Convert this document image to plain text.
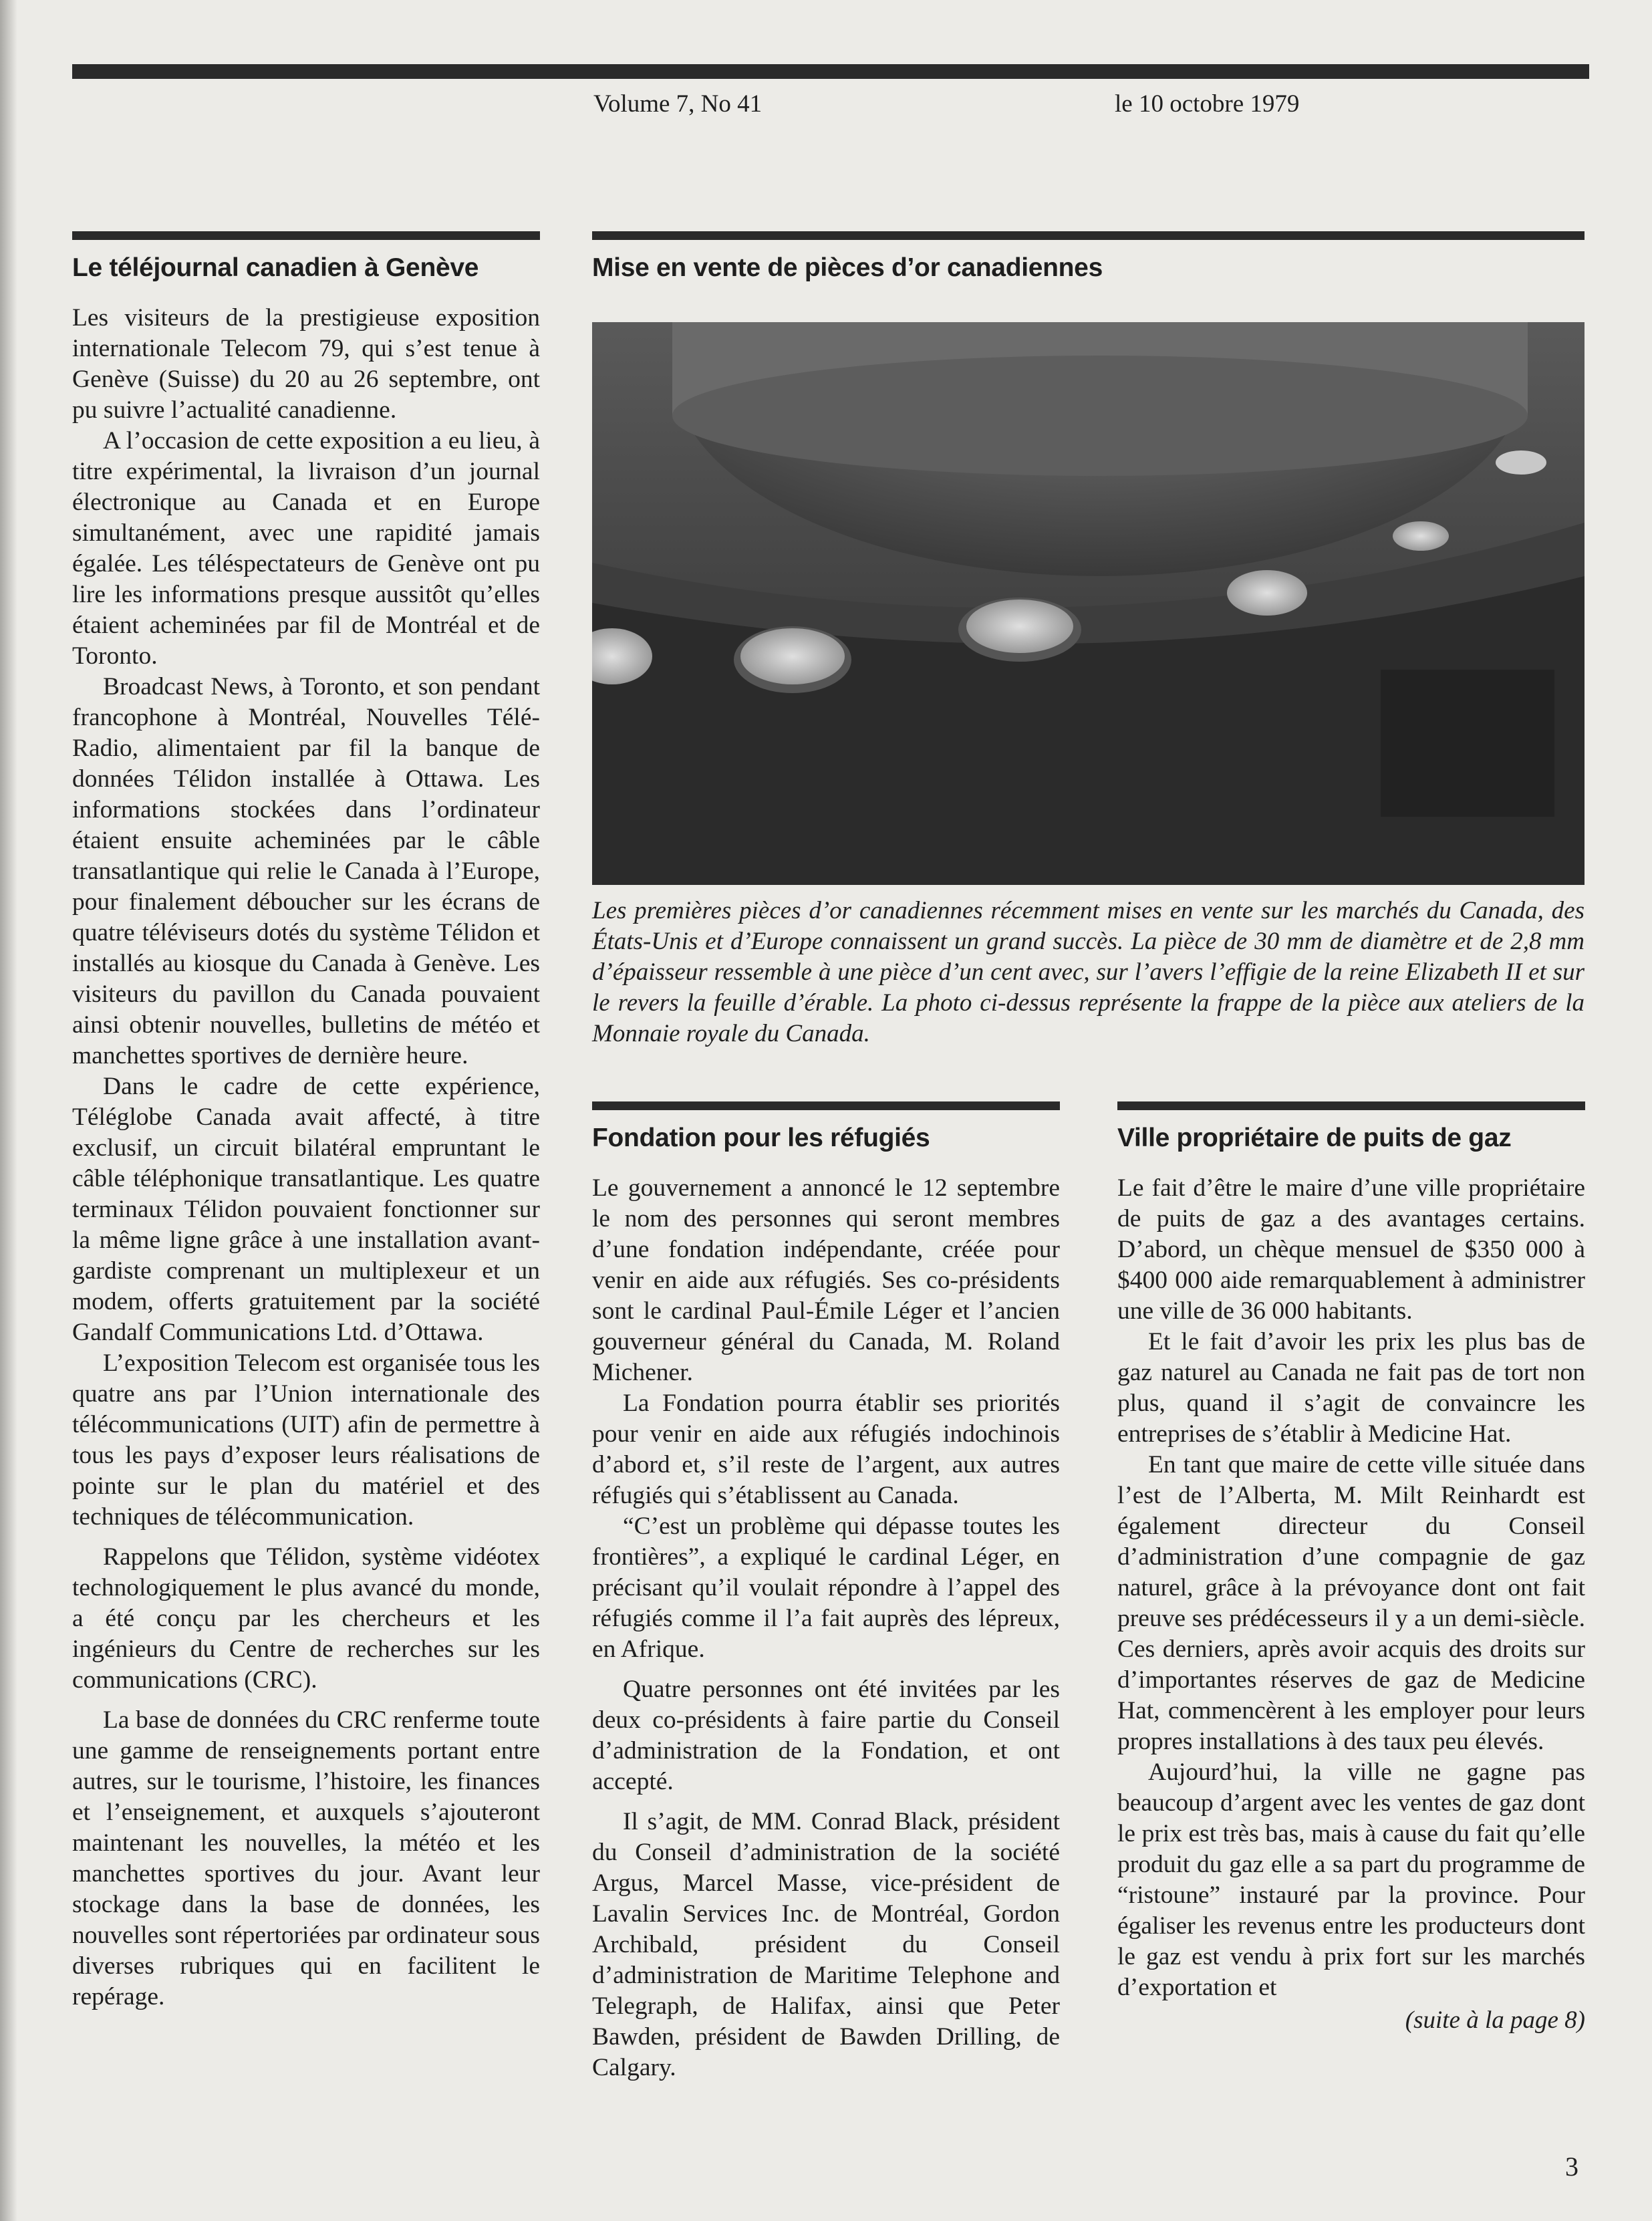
Volume 7, No 41	le 10 octobre 1979
Le téléjournal canadien à Genève

Les visiteurs de la prestigieuse exposition internationale Telecom 79, qui s’est tenue à Genève (Suisse) du 20 au 26 septembre, ont pu suivre l’actualité canadienne.

A l’occasion de cette exposition a eu lieu, à titre expérimental, la livraison d’un journal électronique au Canada et en Europe simultanément, avec une rapidité jamais égalée. Les téléspectateurs de Genève ont pu lire les informations presque aussitôt qu’elles étaient acheminées par fil de Montréal et de Toronto.

Broadcast News, à Toronto, et son pendant francophone à Montréal, Nouvelles Télé-Radio, alimentaient par fil la banque de données Télidon installée à Ottawa. Les informations stockées dans l’ordinateur étaient ensuite acheminées par le câble transatlantique qui relie le Canada à l’Europe, pour finalement déboucher sur les écrans de quatre téléviseurs dotés du système Télidon et installés au kiosque du Canada à Genève. Les visiteurs du pavillon du Canada pouvaient ainsi obtenir nouvelles, bulletins de météo et manchettes sportives de dernière heure.

Dans le cadre de cette expérience, Téléglobe Canada avait affecté, à titre exclusif, un circuit bilatéral empruntant le câble téléphonique transatlantique. Les quatre terminaux Télidon pouvaient fonctionner sur la même ligne grâce à une installation avant-gardiste comprenant un multiplexeur et un modem, offerts gratuitement par la société Gandalf Communications Ltd. d’Ottawa.

L’exposition Telecom est organisée tous les quatre ans par l’Union internationale des télécommunications (UIT) afin de permettre à tous les pays d’exposer leurs réalisations de pointe sur le plan du matériel et des techniques de télécommunication.

Rappelons que Télidon, système vidéotex technologiquement le plus avancé du monde, a été conçu par les chercheurs et les ingénieurs du Centre de recherches sur les communications (CRC).

La base de données du CRC renferme toute une gamme de renseignements portant entre autres, sur le tourisme, l’histoire, les finances et l’enseignement, et auxquels s’ajouteront maintenant les nouvelles, la météo et les manchettes sportives du jour. Avant leur stockage dans la base de données, les nouvelles sont répertoriées par ordinateur sous diverses rubriques qui en facilitent le repérage.

Mise en vente de pièces d’or canadiennes
Les premières pièces d’or canadiennes récemment mises en vente sur les marchés du Canada, des États-Unis et d’Europe connaissent un grand succès. La pièce de 30 mm de diamètre et de 2,8 mm d’épaisseur ressemble à une pièce d’un cent avec, sur l’avers l’effigie de la reine Elizabeth II et sur le revers la feuille d’érable. La photo ci-dessus représente la frappe de la pièce aux ateliers de la Monnaie royale du Canada.
Fondation pour les réfugiés

Le gouvernement a annoncé le 12 septembre le nom des personnes qui seront membres d’une fondation indépendante, créée pour venir en aide aux réfugiés. Ses co-présidents sont le cardinal Paul-Émile Léger et l’ancien gouverneur général du Canada, M. Roland Michener.

La Fondation pourra établir ses priorités pour venir en aide aux réfugiés indochinois d’abord et, s’il reste de l’argent, aux autres réfugiés qui s’établissent au Canada.

“C’est un problème qui dépasse toutes les frontières”, a expliqué le cardinal Léger, en précisant qu’il voulait répondre à l’appel des réfugiés comme il l’a fait auprès des lépreux, en Afrique.

Quatre personnes ont été invitées par les deux co-présidents à faire partie du Conseil d’administration de la Fondation, et ont accepté.

Il s’agit, de MM. Conrad Black, président du Conseil d’administration de la société Argus, Marcel Masse, vice-président de Lavalin Services Inc. de Montréal, Gordon Archibald, président du Conseil d’administration de Maritime Telephone and Telegraph, de Halifax, ainsi que Peter Bawden, président de Bawden Drilling, de Calgary.

Ville propriétaire de puits de gaz

Le fait d’être le maire d’une ville propriétaire de puits de gaz a des avantages certains. D’abord, un chèque mensuel de $350 000 à $400 000 aide remarquablement à administrer une ville de 36 000 habitants.

Et le fait d’avoir les prix les plus bas de gaz naturel au Canada ne fait pas de tort non plus, quand il s’agit de convaincre les entreprises de s’établir à Medicine Hat.

En tant que maire de cette ville située dans l’est de l’Alberta, M. Milt Reinhardt est également directeur du Conseil d’administration d’une compagnie de gaz naturel, grâce à la prévoyance dont ont fait preuve ses prédécesseurs il y a un demi-siècle. Ces derniers, après avoir acquis des droits sur d’importantes réserves de gaz de Medicine Hat, commencèrent à les employer pour leurs propres installations à des taux peu élevés.

Aujourd’hui, la ville ne gagne pas beaucoup d’argent avec les ventes de gaz dont le prix est très bas, mais à cause du fait qu’elle produit du gaz elle a sa part du programme de “ristoune” instauré par la province. Pour égaliser les revenus entre les producteurs dont le gaz est vendu à prix fort sur les marchés d’exportation et

(suite à la page 8)
3
